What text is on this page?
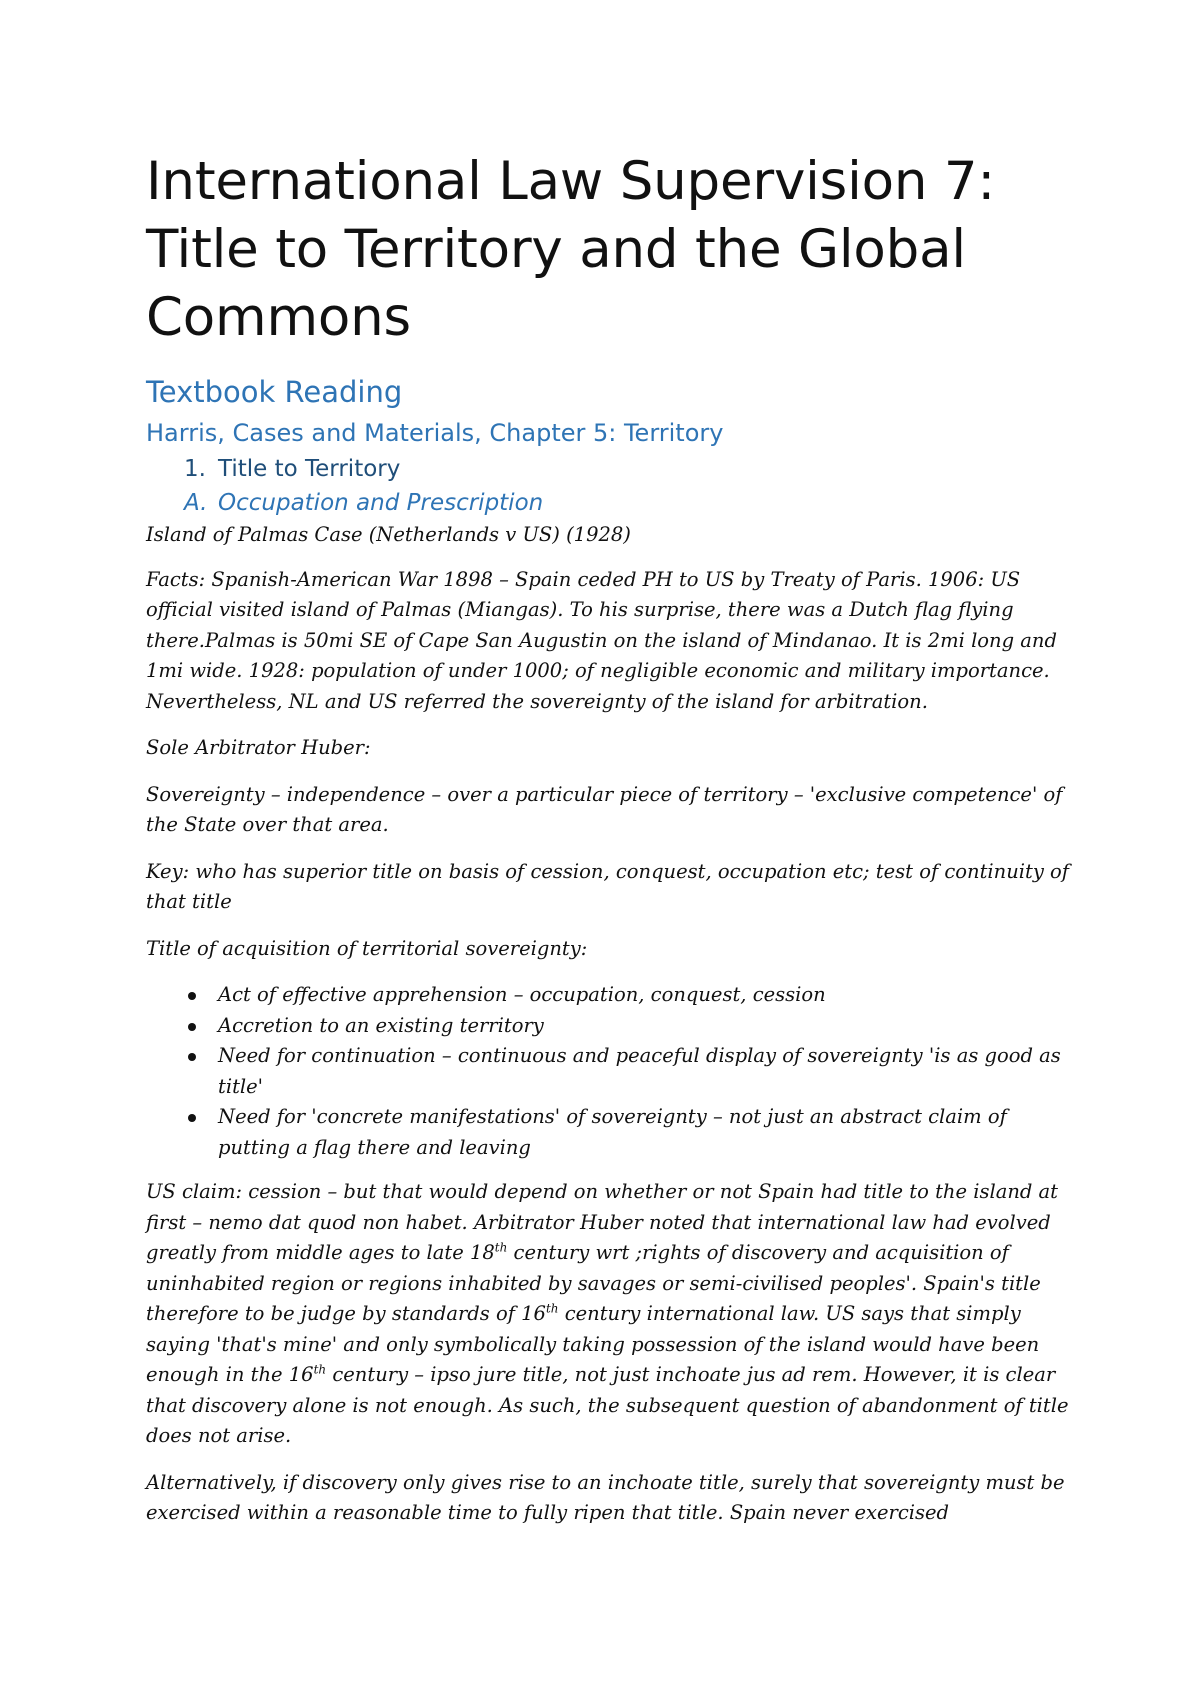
International Law Supervision 7: Title to Territory and the Global Commons
Textbook Reading
Harris, Cases and Materials, Chapter 5: Territory
1. Title to Territory
A. Occupation and Prescription

Island of Palmas Case (Netherlands v US) (1928)

Facts: Spanish-American War 1898 – Spain ceded PH to US by Treaty of Paris. 1906: US official visited island of Palmas (Miangas). To his surprise, there was a Dutch flag flying there.Palmas is 50mi SE of Cape San Augustin on the island of Mindanao. It is 2mi long and 1mi wide. 1928: population of under 1000; of negligible economic and military importance. Nevertheless, NL and US referred the sovereignty of the island for arbitration.

Sole Arbitrator Huber:

Sovereignty – independence – over a particular piece of territory – 'exclusive competence' of the State over that area.

Key: who has superior title on basis of cession, conquest, occupation etc; test of continuity of that title

Title of acquisition of territorial sovereignty:

Act of effective apprehension – occupation, conquest, cession
Accretion to an existing territory
Need for continuation – continuous and peaceful display of sovereignty 'is as good as title'
Need for 'concrete manifestations' of sovereignty – not just an abstract claim of putting a flag there and leaving

US claim: cession – but that would depend on whether or not Spain had title to the island at first – nemo dat quod non habet. Arbitrator Huber noted that international law had evolved greatly from middle ages to late 18th century wrt ;rights of discovery and acquisition of uninhabited region or regions inhabited by savages or semi-civilised peoples'. Spain's title therefore to be judge by standards of 16th century international law. US says that simply saying 'that's mine' and only symbolically taking possession of the island would have been enough in the 16th century – ipso jure title, not just inchoate jus ad rem. However, it is clear that discovery alone is not enough. As such, the subsequent question of abandonment of title does not arise.

Alternatively, if discovery only gives rise to an inchoate title, surely that sovereignty must be exercised within a reasonable time to fully ripen that title. Spain never exercised
